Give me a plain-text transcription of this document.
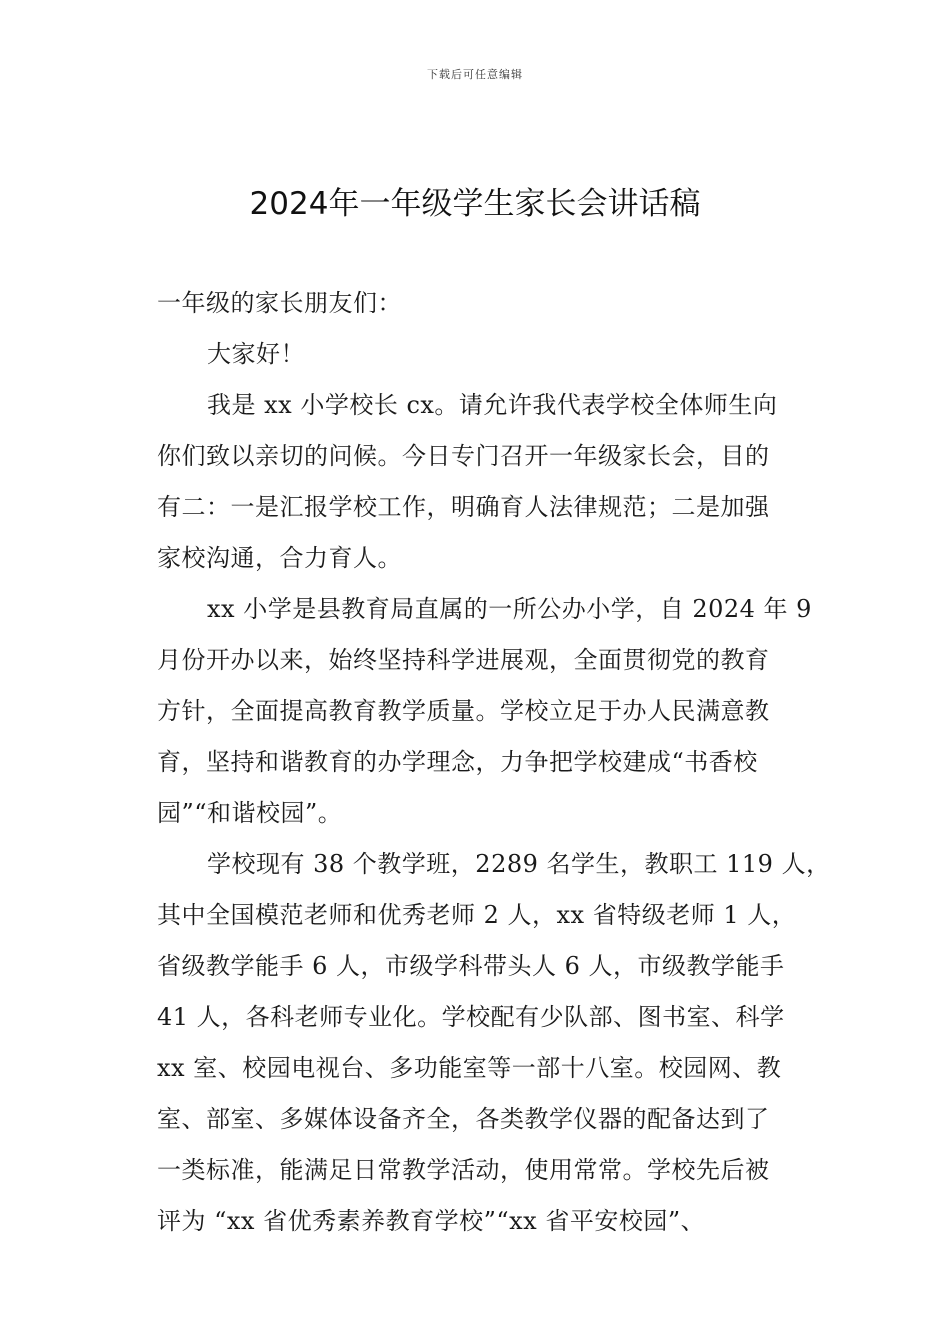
下载后可任意编辑
2024年一年级学生家长会讲话稿
一年级的家长朋友们：
大家好！
我是 xx 小学校长 cx。请允许我代表学校全体师生向
你们致以亲切的问候。今日专门召开一年级家长会，目的
有二：一是汇报学校工作，明确育人法律规范；二是加强
家校沟通，合力育人。
xx 小学是县教育局直属的一所公办小学，自 2024 年 9
月份开办以来，始终坚持科学进展观，全面贯彻党的教育
方针，全面提高教育教学质量。学校立足于办人民满意教
育，坚持和谐教育的办学理念，力争把学校建成“书香校
园”“和谐校园”。
学校现有 38 个教学班，2289 名学生，教职工 119 人，
其中全国模范老师和优秀老师 2 人，xx 省特级老师 1 人，
省级教学能手 6 人，市级学科带头人 6 人，市级教学能手
41 人，各科老师专业化。学校配有少队部、图书室、科学
xx 室、校园电视台、多功能室等一部十八室。校园网、教
室、部室、多媒体设备齐全，各类教学仪器的配备达到了
一类标准，能满足日常教学活动，使用常常。学校先后被
评为 “xx 省优秀素养教育学校”“xx 省平安校园”、
